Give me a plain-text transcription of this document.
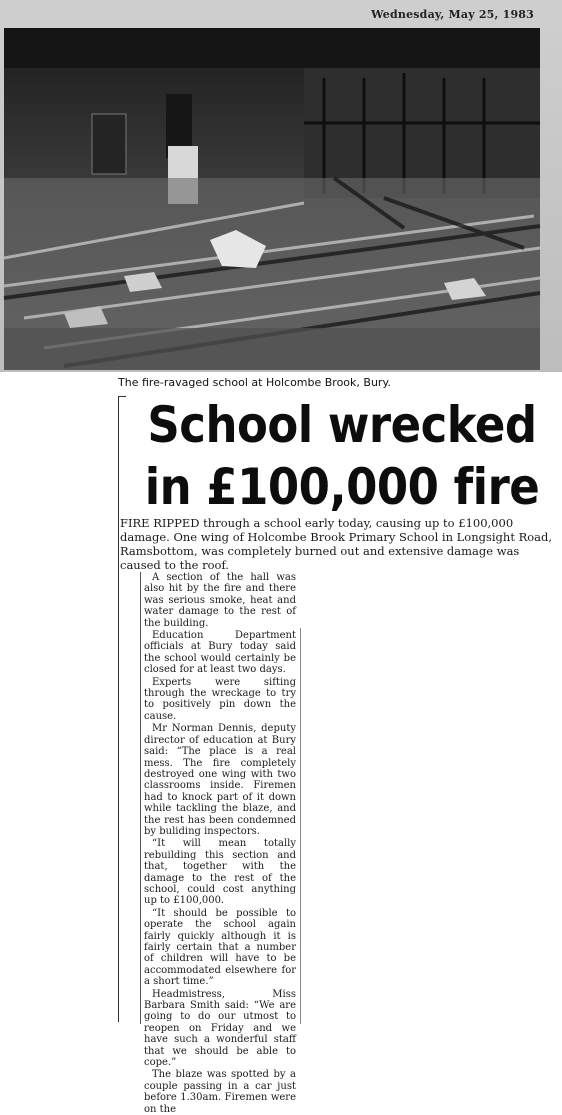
Wednesday, May 25, 1983
The fire-ravaged school at Holcombe Brook, Bury.
School wrecked
in £100,000 fire

FIRE RIPPED through a school early today, causing up to £100,000 damage. One wing of Holcombe Brook Primary School in Longsight Road, Ramsbottom, was completely burned out and extensive damage was caused to the roof.

A section of the hall was also hit by the fire and there was serious smoke, heat and water damage to the rest of the building.

Education Department officials at Bury today said the school would certainly be closed for at least two days.

Experts were sifting through the wreckage to try to positively pin down the cause.

Mr Norman Dennis, deputy director of education at Bury said: “The place is a real mess. The fire completely destroyed one wing with two classrooms inside. Firemen had to knock part of it down while tackling the blaze, and the rest has been condemned by buliding inspectors.

“It will mean totally rebuilding this section and that, together with the damage to the rest of the school, could cost anything up to £100,000.

“It should be possible to operate the school again fairly quickly although it is fairly certain that a number of children will have to be accommodated elsewhere for a short time.”

Headmistress, Miss Barbara Smith said: “We are going to do our utmost to reopen on Friday and we have such a wonderful staff that we should be able to cope.”

The blaze was spotted by a couple passing in a car just before 1.30am. Firemen were on the
